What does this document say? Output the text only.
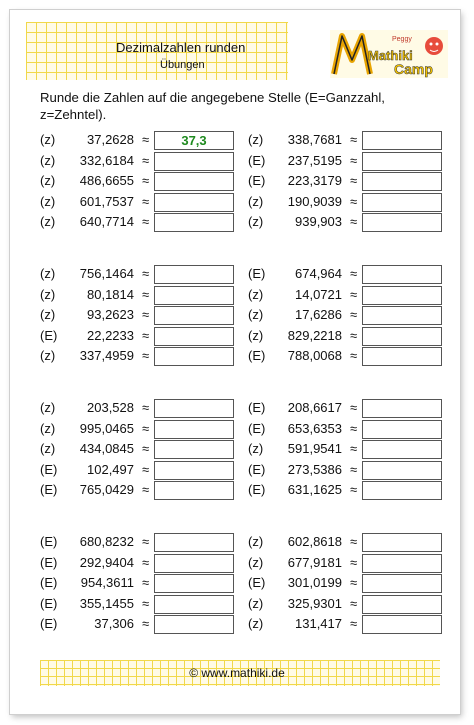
Dezimalzahlen runden
Übungen
Peggy
Mathiki
Camp
Runde die Zahlen auf die angegebene Stelle (E=Ganzzahl, z=Zehntel).
(z)	37,2628 ≈	37,3
(z)	332,6184 ≈
(z)	486,6655 ≈
(z)	601,7537 ≈
(z)	640,7714 ≈
(z)	338,7681 ≈
(E)	237,5195 ≈
(E)	223,3179 ≈
(z)	190,9039 ≈
(z)	939,903 ≈
(z)	756,1464 ≈
(z)	80,1814 ≈
(z)	93,2623 ≈
(E)	22,2233 ≈
(z)	337,4959 ≈
(E)	674,964 ≈
(z)	14,0721 ≈
(z)	17,6286 ≈
(z)	829,2218 ≈
(E)	788,0068 ≈
(z)	203,528 ≈
(z)	995,0465 ≈
(z)	434,0845 ≈
(E)	102,497 ≈
(E)	765,0429 ≈
(E)	208,6617 ≈
(E)	653,6353 ≈
(z)	591,9541 ≈
(E)	273,5386 ≈
(E)	631,1625 ≈
(E)	680,8232 ≈
(E)	292,9404 ≈
(E)	954,3611 ≈
(E)	355,1455 ≈
(E)	37,306 ≈
(z)	602,8618 ≈
(z)	677,9181 ≈
(E)	301,0199 ≈
(z)	325,9301 ≈
(z)	131,417 ≈
© www.mathiki.de
